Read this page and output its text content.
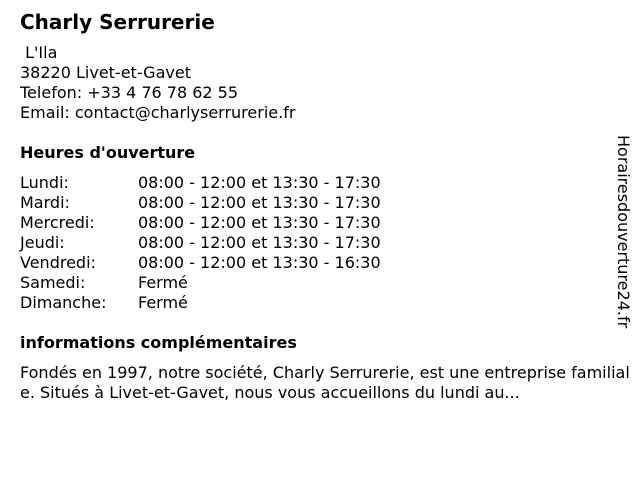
Charly Serrurerie
L'Ila
38220 Livet-et-Gavet
Telefon: +33 4 76 78 62 55
Email: contact@charlyserrurerie.fr
Heures d'ouverture
Lundi:	08:00 - 12:00 et 13:30 - 17:30
Mardi:	08:00 - 12:00 et 13:30 - 17:30
Mercredi:	08:00 - 12:00 et 13:30 - 17:30
Jeudi:	08:00 - 12:00 et 13:30 - 17:30
Vendredi:	08:00 - 12:00 et 13:30 - 16:30
Samedi:	Fermé
Dimanche:	Fermé
informations complémentaires
Fondés en 1997, notre société, Charly Serrurerie, est une entreprise familiale. Situés à Livet-et-Gavet, nous vous accueillons du lundi au...
Horairesdouverture24.fr
